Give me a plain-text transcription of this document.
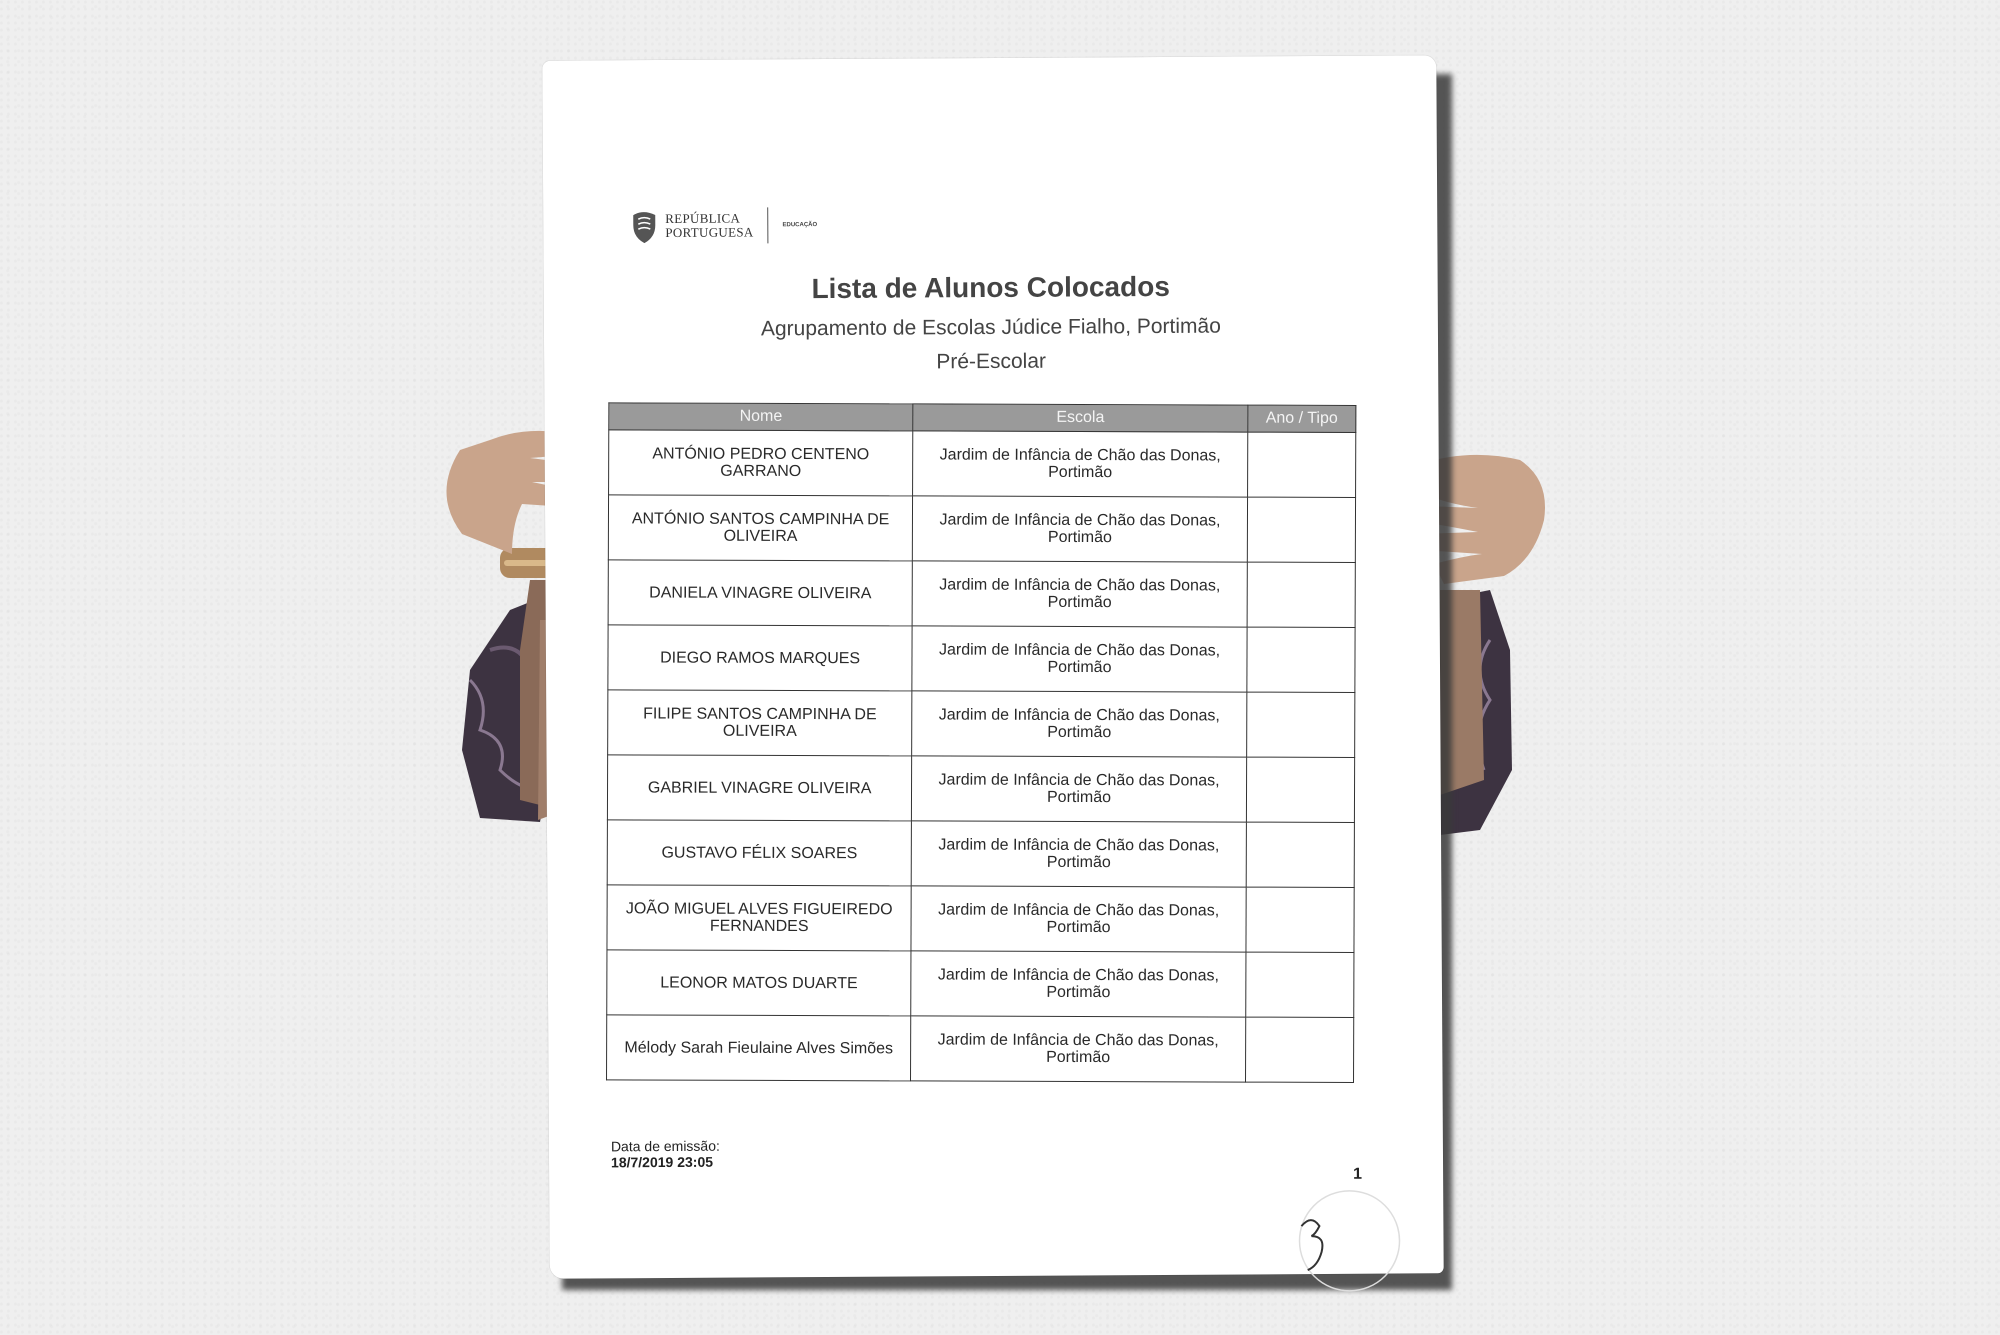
REPÚBLICA
PORTUGUESA	EDUCAÇÃO
Lista de Alunos Colocados
Agrupamento de Escolas Júdice Fialho, Portimão
Pré-Escolar
Nome	Escola	Ano / Tipo
ANTÓNIO PEDRO CENTENO GARRANO	Jardim de Infância de Chão das Donas, Portimão	
ANTÓNIO SANTOS CAMPINHA DE OLIVEIRA	Jardim de Infância de Chão das Donas, Portimão	
DANIELA VINAGRE OLIVEIRA	Jardim de Infância de Chão das Donas, Portimão	
DIEGO RAMOS MARQUES	Jardim de Infância de Chão das Donas, Portimão	
FILIPE SANTOS CAMPINHA DE OLIVEIRA	Jardim de Infância de Chão das Donas, Portimão	
GABRIEL VINAGRE OLIVEIRA	Jardim de Infância de Chão das Donas, Portimão	
GUSTAVO FÉLIX SOARES	Jardim de Infância de Chão das Donas, Portimão	
JOÃO MIGUEL ALVES FIGUEIREDO FERNANDES	Jardim de Infância de Chão das Donas, Portimão	
LEONOR MATOS DUARTE	Jardim de Infância de Chão das Donas, Portimão	
Mélody Sarah Fieulaine Alves Simões	Jardim de Infância de Chão das Donas, Portimão	
Data de emissão:
18/7/2019 23:05
1
